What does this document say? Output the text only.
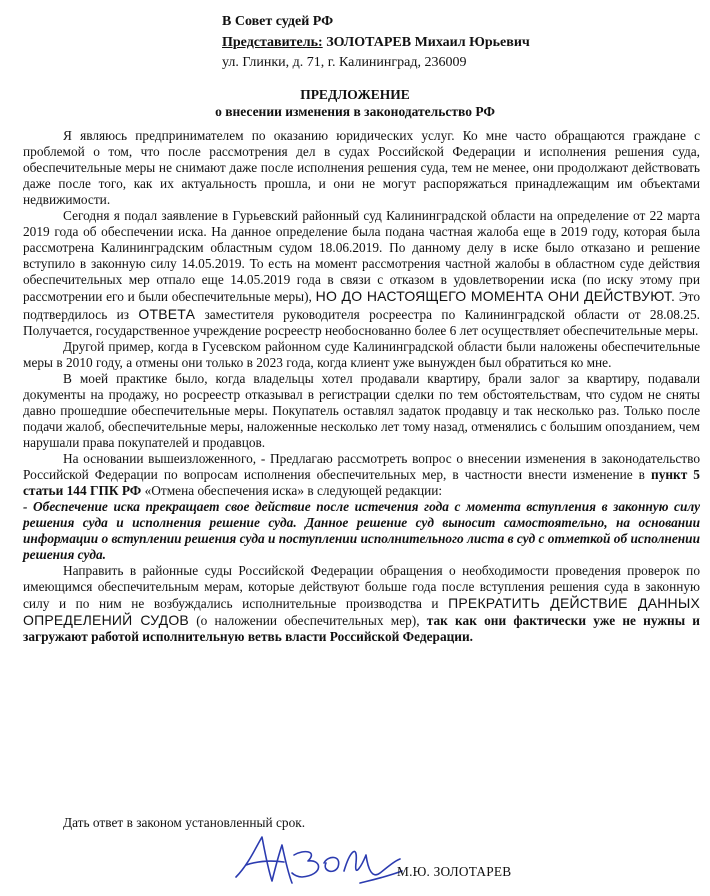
В Совет судей РФ
Представитель: ЗОЛОТАРЕВ Михаил Юрьевич
ул. Глинки, д. 71, г. Калининград, 236009
ПРЕДЛОЖЕНИЕ
о внесении изменения в законодательство РФ

Я являюсь предпринимателем по оказанию юридических услуг. Ко мне часто обращаются граждане с проблемой о том, что после рассмотрения дел в судах Российской Федерации и исполнения решения суда, обеспечительные меры не снимают даже после исполнения решения суда, тем не менее, они продолжают действовать даже после того, как их актуальность прошла, и они не могут распоряжаться принадлежащим им объектами недвижимости.

Сегодня я подал заявление в Гурьевский районный суд Калининградской области на определение от 22 марта 2019 года об обеспечении иска. На данное определение была подана частная жалоба еще в 2019 году, которая была рассмотрена Калининградским областным судом 18.06.2019. По данному делу в иске было отказано и решение вступило в законную силу 14.05.2019. То есть на момент рассмотрения частной жалобы в областном суде действия обеспечительных мер отпало еще 14.05.2019 года в связи с отказом в удовлетворении иска (по иску этому при рассмотрении его и были обеспечительные меры), НО ДО НАСТОЯЩЕГО МОМЕНТА ОНИ ДЕЙСТВУЮТ. Это подтвердилось из ОТВЕТА заместителя руководителя росреестра по Калининградской области от 28.08.25. Получается, государственное учреждение росреестр необоснованно более 6 лет осуществляет обеспечительные меры.

Другой пример, когда в Гусевском районном суде Калининградской области были наложены обеспечительные меры в 2010 году, а отмены они только в 2023 года, когда клиент уже вынужден был обратиться ко мне.

В моей практике было, когда владельцы хотел продавали квартиру, брали залог за квартиру, подавали документы на продажу, но росреестр отказывал в регистрации сделки по тем обстоятельствам, что судом не сняты давно прошедшие обеспечительные меры. Покупатель оставлял задаток продавцу и так несколько раз. Только после подачи жалоб, обеспечительные меры, наложенные несколько лет тому назад, отменялись с большим опозданием, чем нарушали права покупателей и продавцов.

На основании вышеизложенного, - Предлагаю рассмотреть вопрос о внесении изменения в законодательство Российской Федерации по вопросам исполнения обеспечительных мер, в частности внести изменение в пункт 5 статьи 144 ГПК РФ «Отмена обеспечения иска» в следующей редакции:

- Обеспечение иска прекращает свое действие после истечения года с момента вступления в законную силу решения суда и исполнения решение суда. Данное решение суд выносит самостоятельно, на основании информации о вступлении решения суда и поступлении исполнительного листа в суд с отметкой об исполнении решения суда.

Направить в районные суды Российской Федерации обращения о необходимости проведения проверок по имеющимся обеспечительным мерам, которые действуют больше года после вступления решения суда в законную силу и по ним не возбуждались исполнительные производства и ПРЕКРАТИТЬ ДЕЙСТВИЕ ДАННЫХ ОПРЕДЕЛЕНИЙ СУДОВ (о наложении обеспечительных мер), так как они фактически уже не нужны и загружают работой исполнительную ветвь власти Российской Федерации.

Дать ответ в законом установленный срок.
М.Ю. ЗОЛОТАРЕВ
